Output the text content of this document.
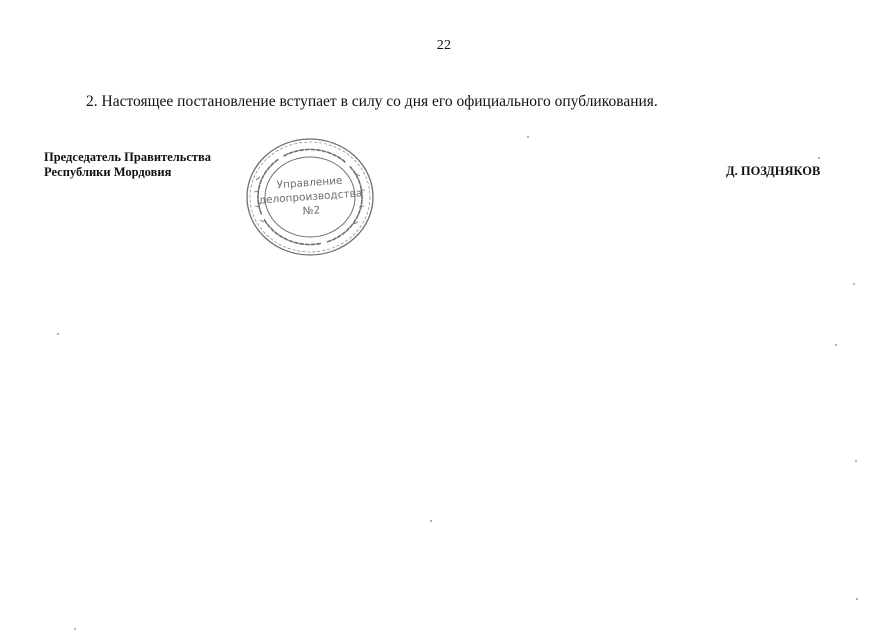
22
2. Настоящее постановление вступает в силу со дня его официального опубликования.
Председатель Правительства
Республики Мордовия	Д. ПОЗДНЯКОВ
Управление
делопроизводства
№2
